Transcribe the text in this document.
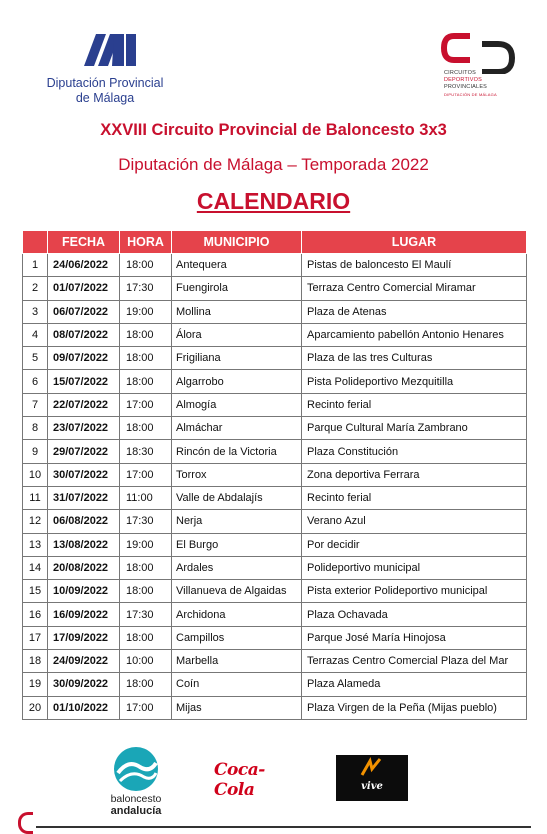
Diputación Provincial
de Málaga
CIRCUITOS
DEPORTIVOS
PROVINCIALES
DIPUTACIÓN DE MÁLAGA
XXVIII Circuito Provincial de Baloncesto 3x3
Diputación de Málaga – Temporada 2022
CALENDARIO
	FECHA	HORA	MUNICIPIO	LUGAR
1	24/06/2022	18:00	Antequera	Pistas de baloncesto El Maulí
2	01/07/2022	17:30	Fuengirola	Terraza Centro Comercial Miramar
3	06/07/2022	19:00	Mollina	Plaza de Atenas
4	08/07/2022	18:00	Álora	Aparcamiento pabellón Antonio Henares
5	09/07/2022	18:00	Frigiliana	Plaza de las tres Culturas
6	15/07/2022	18:00	Algarrobo	Pista Polideportivo Mezquitilla
7	22/07/2022	17:00	Almogía	Recinto ferial
8	23/07/2022	18:00	Almáchar	Parque Cultural María Zambrano
9	29/07/2022	18:30	Rincón de la Victoria	Plaza Constitución
10	30/07/2022	17:00	Torrox	Zona deportiva Ferrara
11	31/07/2022	11:00	Valle de Abdalajís	Recinto ferial
12	06/08/2022	17:30	Nerja	Verano Azul
13	13/08/2022	19:00	El Burgo	Por decidir
14	20/08/2022	18:00	Ardales	Polideportivo municipal
15	10/09/2022	18:00	Villanueva de Algaidas	Pista exterior Polideportivo municipal
16	16/09/2022	17:30	Archidona	Plaza Ochavada
17	17/09/2022	18:00	Campillos	Parque José María Hinojosa
18	24/09/2022	10:00	Marbella	Terrazas Centro Comercial Plaza del Mar
19	30/09/2022	18:00	Coín	Plaza Alameda
20	01/10/2022	17:00	Mijas	Plaza Virgen de la Peña (Mijas pueblo)
baloncesto
andalucía
Coca-Cola	vive
